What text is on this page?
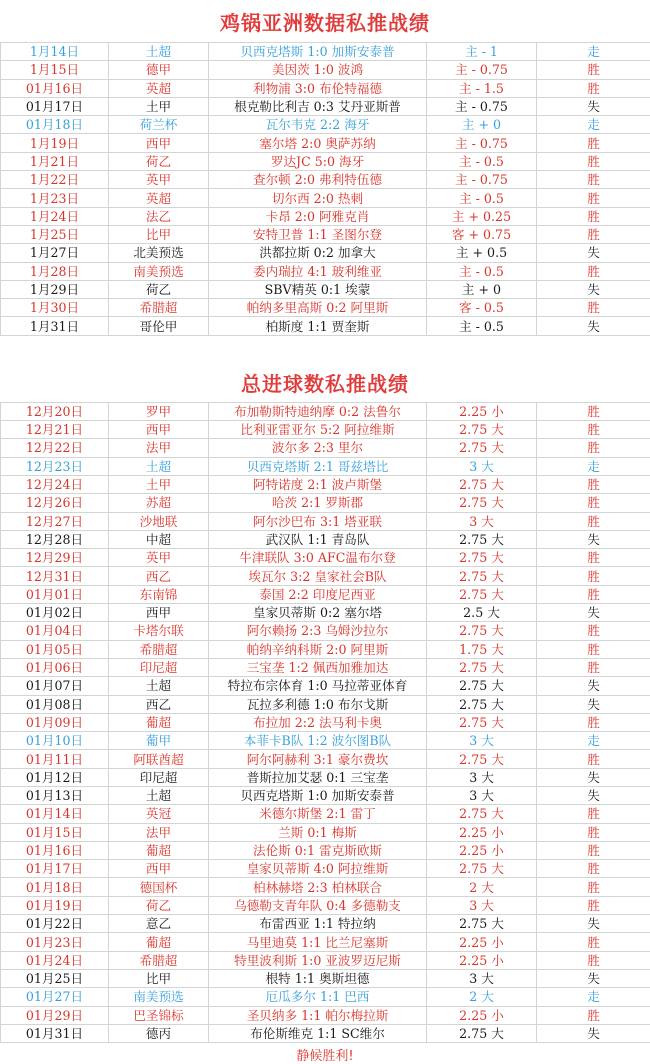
鸡锅亚洲数据私推战绩
1月14日	土超	贝西克塔斯 1:0 加斯安泰普	主 - 1	走
1月15日	德甲	美因茨 1:0 波鸿	主 - 0.75	胜
01月16日	英超	利物浦 3:0 布伦特福德	主 - 1.5	胜
01月17日	土甲	根克勒比利吉 0:3 艾丹亚斯普	主 - 0.75	失
01月18日	荷兰杯	瓦尔韦克 2:2 海牙	主 + 0	走
1月19日	西甲	塞尔塔 2:0 奥萨苏纳	主 - 0.75	胜
1月21日	荷乙	罗达JC 5:0 海牙	主 - 0.5	胜
1月22日	英甲	查尔顿 2:0 弗利特伍德	主 - 0.75	胜
1月23日	英超	切尔西 2:0 热刺	主 - 0.5	胜
1月24日	法乙	卡昂 2:0 阿雅克肖	主 + 0.25	胜
1月25日	比甲	安特卫普 1:1 圣图尔登	客 + 0.75	胜
1月27日	北美预选	洪都拉斯 0:2 加拿大	主 + 0.5	失
1月28日	南美预选	委内瑞拉 4:1 玻利维亚	主 - 0.5	胜
1月29日	荷乙	SBV精英 0:1 埃蒙	主 + 0	失
1月30日	希腊超	帕纳多里高斯 0:2 阿里斯	客 - 0.5	胜
1月31日	哥伦甲	柏斯度 1:1 贾奎斯	主 - 0.5	失
总进球数私推战绩
12月20日	罗甲	布加勒斯特迪纳摩 0:2 法鲁尔	2.25 小	胜
12月21日	西甲	比利亚雷亚尔 5:2 阿拉维斯	2.75 大	胜
12月22日	法甲	波尔多 2:3 里尔	2.75 大	胜
12月23日	土超	贝西克塔斯 2:1 哥兹塔比	3 大	走
12月24日	土甲	阿特诺度 2:1 波卢斯堡	2.75 大	胜
12月26日	苏超	哈茨 2:1 罗斯郡	2.75 大	胜
12月27日	沙地联	阿尔沙巴布 3:1 塔亚联	3 大	胜
12月28日	中超	武汉队 1:1 青岛队	2.75 大	失
12月29日	英甲	牛津联队 3:0 AFC温布尔登	2.75 大	胜
12月31日	西乙	埃瓦尔 3:2 皇家社会B队	2.75 大	胜
01月01日	东南锦	泰国 2:2 印度尼西亚	2.75 大	胜
01月02日	西甲	皇家贝蒂斯 0:2 塞尔塔	2.5 大	失
01月04日	卡塔尔联	阿尔赖扬 2:3 乌姆沙拉尔	2.75 大	胜
01月05日	希腊超	帕纳辛纳科斯 2:0 阿里斯	1.75 大	胜
01月06日	印尼超	三宝垄 1:2 佩西加雅加达	2.75 大	胜
01月07日	土超	特拉布宗体育 1:0 马拉蒂亚体育	2.75 大	失
01月08日	西乙	瓦拉多利德 1:0 布尔戈斯	2.75 大	失
01月09日	葡超	布拉加 2:2 法马利卡奥	2.75 大	胜
01月10日	葡甲	本菲卡B队 1:2 波尔图B队	3 大	走
01月11日	阿联酋超	阿尔阿赫利 3:1 豪尔费坎	2.75 大	胜
01月12日	印尼超	普斯拉加艾瑟 0:1 三宝垄	3 大	失
01月13日	土超	贝西克塔斯 1:0 加斯安泰普	3 大	失
01月14日	英冠	米德尔斯堡 2:1 雷丁	2.75 大	胜
01月15日	法甲	兰斯 0:1 梅斯	2.25 小	胜
01月16日	葡超	法伦斯 0:1 雷克斯欧斯	2.25 小	胜
01月17日	西甲	皇家贝蒂斯 4:0 阿拉维斯	2.75 大	胜
01月18日	德国杯	柏林赫塔 2:3 柏林联合	2 大	胜
01月19日	荷乙	乌德勒支青年队 0:4 多德勒支	3 大	胜
01月22日	意乙	布雷西亚 1:1 特拉纳	2.75 大	失
01月23日	葡超	马里迪莫 1:1 比兰尼塞斯	2.25 小	胜
01月24日	希腊超	特里波利斯 1:0 亚波罗迈尼斯	2.25 小	胜
01月25日	比甲	根特 1:1 奥斯坦德	3 大	失
01月27日	南美预选	厄瓜多尔 1:1 巴西	2 大	走
01月29日	巴圣锦标	圣贝纳多 1:1 帕尔梅拉斯	2.25 小	胜
01月31日	德丙	布伦斯维克 1:1 SC维尔	2.75 大	失
静候胜利!
